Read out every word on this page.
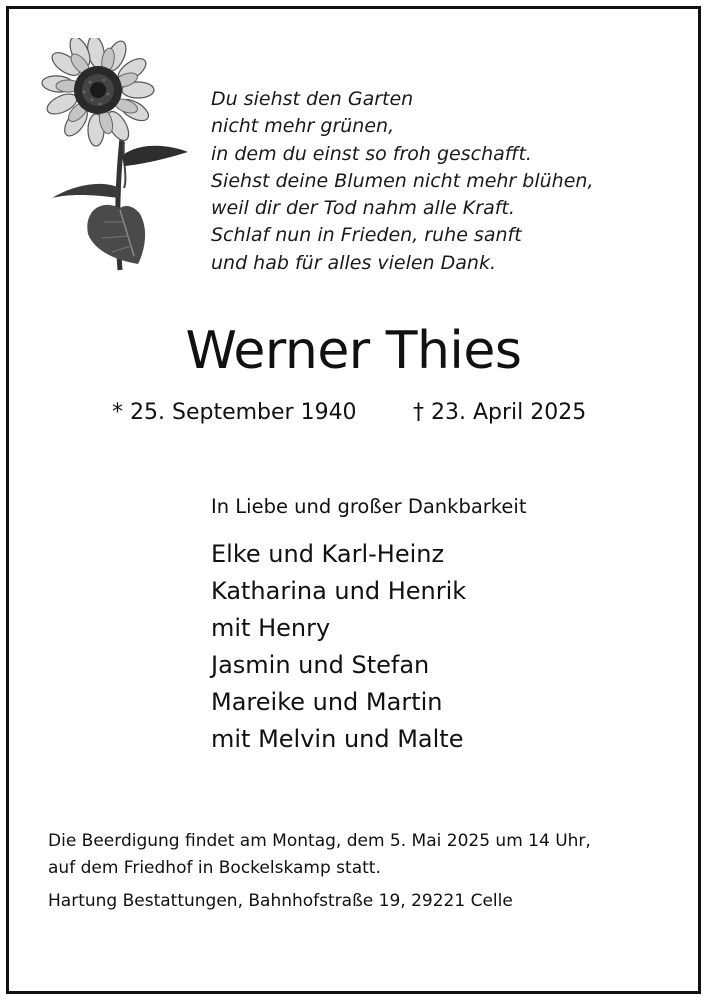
Du siehst den Garten
nicht mehr grünen,
in dem du einst so froh geschafft.
Siehst deine Blumen nicht mehr blühen,
weil dir der Tod nahm alle Kraft.
Schlaf nun in Frieden, ruhe sanft
und hab für alles vielen Dank.
Werner Thies
* 25. September 1940	† 23. April 2025
In Liebe und großer Dankbarkeit
Elke und Karl-Heinz
Katharina und Henrik
mit Henry
Jasmin und Stefan
Mareike und Martin
mit Melvin und Malte
Die Beerdigung findet am Montag, dem 5. Mai 2025 um 14 Uhr,
auf dem Friedhof in Bockelskamp statt.
Hartung Bestattungen, Bahnhofstraße 19, 29221 Celle
